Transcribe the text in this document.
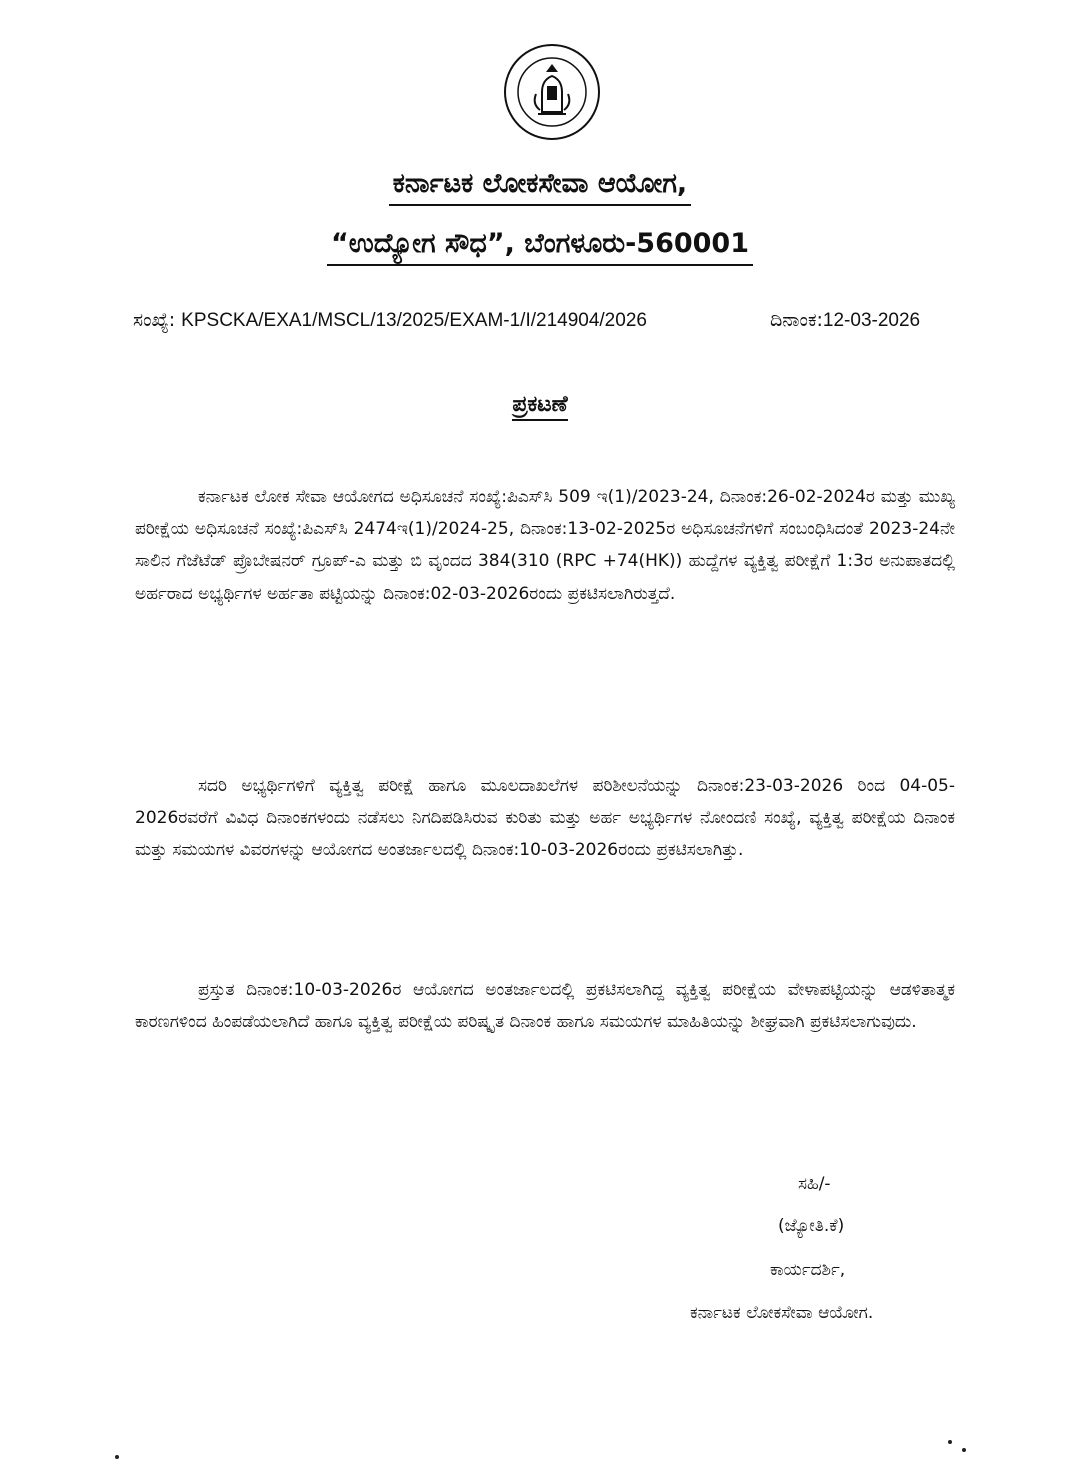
ಕರ್ನಾಟಕ ಲೋಕಸೇವಾ ಆಯೋಗ,
“ಉದ್ಯೋಗ ಸೌಧ”, ಬೆಂಗಳೂರು-560001
ಸಂಖ್ಯೆ: KPSCKA/EXA1/MSCL/13/2025/EXAM-1/I/214904/2026	ದಿನಾಂಕ:12-03-2026
ಪ್ರಕಟಣೆ

ಕರ್ನಾಟಕ ಲೋಕ ಸೇವಾ ಆಯೋಗದ ಅಧಿಸೂಚನೆ ಸಂಖ್ಯೆ:ಪಿಎಸ್‌ಸಿ 509 ಇ(1)/2023-24, ದಿನಾಂಕ:26-02-2024ರ ಮತ್ತು ಮುಖ್ಯ ಪರೀಕ್ಷೆಯ ಅಧಿಸೂಚನೆ ಸಂಖ್ಯೆ:ಪಿಎಸ್‌ಸಿ 2474ಇ(1)/2024-25, ದಿನಾಂಕ:13-02-2025ರ ಅಧಿಸೂಚನೆಗಳಿಗೆ ಸಂಬಂಧಿಸಿದಂತೆ 2023-24ನೇ ಸಾಲಿನ ಗೆಜೆಟೆಡ್ ಪ್ರೊಬೇಷನರ್ ಗ್ರೂಪ್-ಎ ಮತ್ತು ಬಿ ವೃಂದದ 384(310 (RPC +74(HK)) ಹುದ್ದೆಗಳ ವ್ಯಕ್ತಿತ್ವ ಪರೀಕ್ಷೆಗೆ 1:3ರ ಅನುಪಾತದಲ್ಲಿ ಅರ್ಹರಾದ ಅಭ್ಯರ್ಥಿಗಳ ಅರ್ಹತಾ ಪಟ್ಟಿಯನ್ನು ದಿನಾಂಕ:02-03-2026ರಂದು ಪ್ರಕಟಿಸಲಾಗಿರುತ್ತದೆ.

ಸದರಿ ಅಭ್ಯರ್ಥಿಗಳಿಗೆ ವ್ಯಕ್ತಿತ್ವ ಪರೀಕ್ಷೆ ಹಾಗೂ ಮೂಲದಾಖಲೆಗಳ ಪರಿಶೀಲನೆಯನ್ನು ದಿನಾಂಕ:23-03-2026 ರಿಂದ 04-05-2026ರವರೆಗೆ ವಿವಿಧ ದಿನಾಂಕಗಳಂದು ನಡೆಸಲು ನಿಗದಿಪಡಿಸಿರುವ ಕುರಿತು ಮತ್ತು ಅರ್ಹ ಅಭ್ಯರ್ಥಿಗಳ ನೋಂದಣಿ ಸಂಖ್ಯೆ, ವ್ಯಕ್ತಿತ್ವ ಪರೀಕ್ಷೆಯ ದಿನಾಂಕ ಮತ್ತು ಸಮಯಗಳ ವಿವರಗಳನ್ನು ಆಯೋಗದ ಅಂತರ್ಜಾಲದಲ್ಲಿ ದಿನಾಂಕ:10-03-2026ರಂದು ಪ್ರಕಟಿಸಲಾಗಿತ್ತು.

ಪ್ರಸ್ತುತ ದಿನಾಂಕ:10-03-2026ರ ಆಯೋಗದ ಅಂತರ್ಜಾಲದಲ್ಲಿ ಪ್ರಕಟಿಸಲಾಗಿದ್ದ ವ್ಯಕ್ತಿತ್ವ ಪರೀಕ್ಷೆಯ ವೇಳಾಪಟ್ಟಿಯನ್ನು ಆಡಳಿತಾತ್ಮಕ ಕಾರಣಗಳಿಂದ ಹಿಂಪಡೆಯಲಾಗಿದೆ ಹಾಗೂ ವ್ಯಕ್ತಿತ್ವ ಪರೀಕ್ಷೆಯ ಪರಿಷ್ಕೃತ ದಿನಾಂಕ ಹಾಗೂ ಸಮಯಗಳ ಮಾಹಿತಿಯನ್ನು ಶೀಘ್ರವಾಗಿ ಪ್ರಕಟಿಸಲಾಗುವುದು.

ಸಹಿ/-
(ಜ್ಯೋತಿ.ಕೆ)
ಕಾರ್ಯದರ್ಶಿ,
ಕರ್ನಾಟಕ ಲೋಕಸೇವಾ ಆಯೋಗ.
